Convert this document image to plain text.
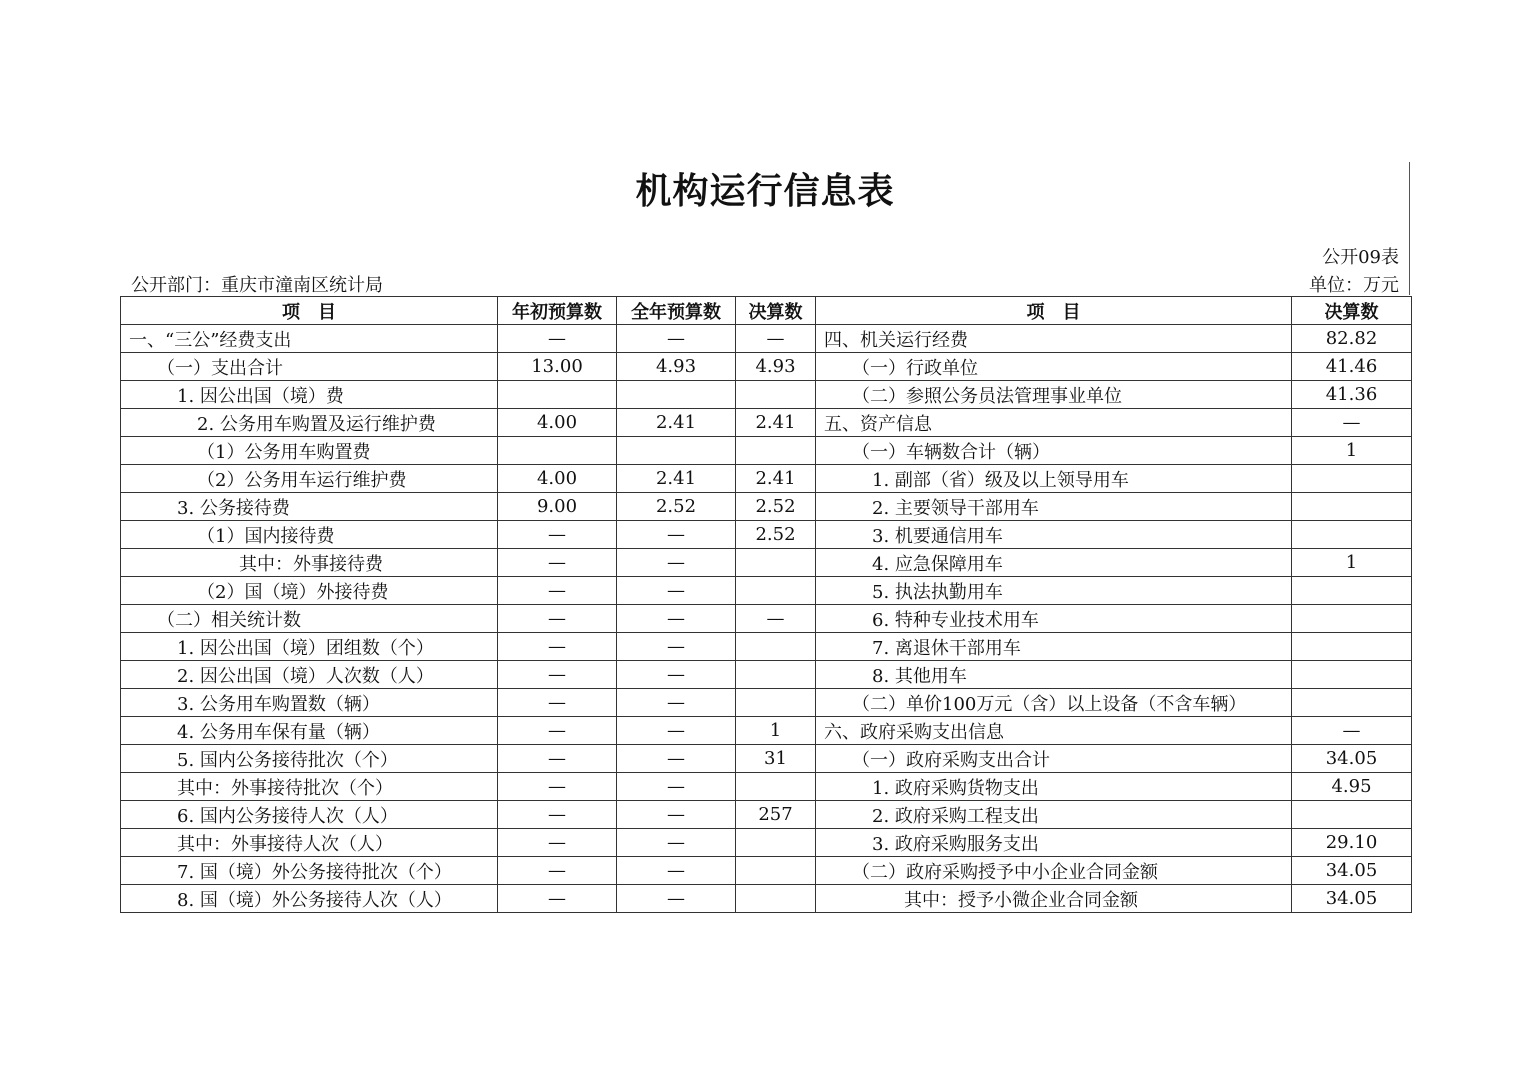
机构运行信息表
公开09表
公开部门：重庆市潼南区统计局	单位：万元
项　目	年初预算数	全年预算数	决算数	项　目	决算数
一、“三公”经费支出	—	—	—	四、机关运行经费	82.82
（一）支出合计	13.00	4.93	4.93	（一）行政单位	41.46
1. 因公出国（境）费				（二）参照公务员法管理事业单位	41.36
2. 公务用车购置及运行维护费	4.00	2.41	2.41	五、资产信息	—
（1）公务用车购置费				（一）车辆数合计（辆）	1
（2）公务用车运行维护费	4.00	2.41	2.41	1. 副部（省）级及以上领导用车	
3. 公务接待费	9.00	2.52	2.52	2. 主要领导干部用车	
（1）国内接待费	—	—	2.52	3. 机要通信用车	
其中：外事接待费	—	—		4. 应急保障用车	1
（2）国（境）外接待费	—	—		5. 执法执勤用车	
（二）相关统计数	—	—	—	6. 特种专业技术用车	
1. 因公出国（境）团组数（个）	—	—		7. 离退休干部用车	
2. 因公出国（境）人次数（人）	—	—		8. 其他用车	
3. 公务用车购置数（辆）	—	—		（二）单价100万元（含）以上设备（不含车辆）	
4. 公务用车保有量（辆）	—	—	1	六、政府采购支出信息	—
5. 国内公务接待批次（个）	—	—	31	（一）政府采购支出合计	34.05
其中：外事接待批次（个）	—	—		1. 政府采购货物支出	4.95
6. 国内公务接待人次（人）	—	—	257	2. 政府采购工程支出	
其中：外事接待人次（人）	—	—		3. 政府采购服务支出	29.10
7. 国（境）外公务接待批次（个）	—	—		（二）政府采购授予中小企业合同金额	34.05
8. 国（境）外公务接待人次（人）	—	—		其中：授予小微企业合同金额	34.05
